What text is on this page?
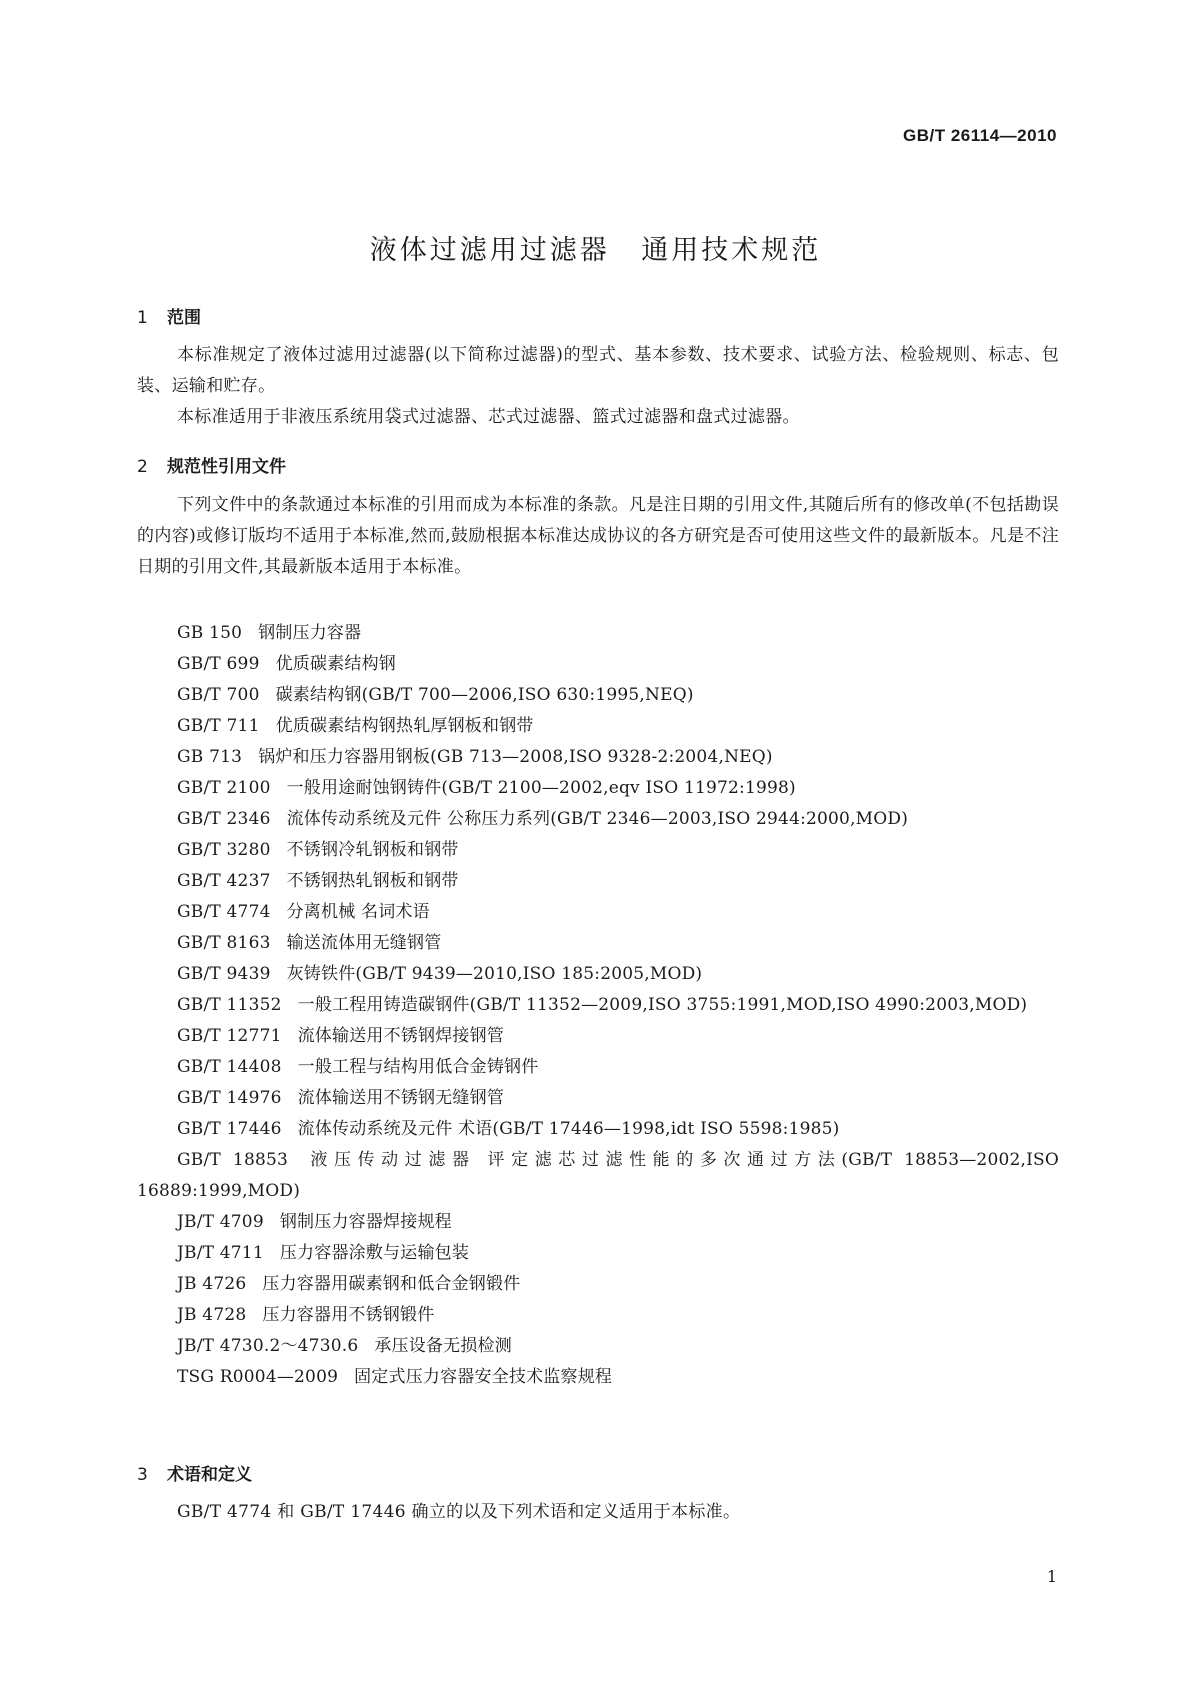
GB/T 26114—2010
液体过滤用过滤器 通用技术规范
1 范围
本标准规定了液体过滤用过滤器(以下简称过滤器)的型式、基本参数、技术要求、试验方法、检验规则、标志、包装、运输和贮存。
本标准适用于非液压系统用袋式过滤器、芯式过滤器、篮式过滤器和盘式过滤器。
2 规范性引用文件
下列文件中的条款通过本标准的引用而成为本标准的条款。凡是注日期的引用文件,其随后所有的修改单(不包括勘误的内容)或修订版均不适用于本标准,然而,鼓励根据本标准达成协议的各方研究是否可使用这些文件的最新版本。凡是不注日期的引用文件,其最新版本适用于本标准。
GB 150 钢制压力容器
GB/T 699 优质碳素结构钢
GB/T 700 碳素结构钢(GB/T 700—2006,ISO 630:1995,NEQ)
GB/T 711 优质碳素结构钢热轧厚钢板和钢带
GB 713 锅炉和压力容器用钢板(GB 713—2008,ISO 9328-2:2004,NEQ)
GB/T 2100 一般用途耐蚀钢铸件(GB/T 2100—2002,eqv ISO 11972:1998)
GB/T 2346 流体传动系统及元件 公称压力系列(GB/T 2346—2003,ISO 2944:2000,MOD)
GB/T 3280 不锈钢冷轧钢板和钢带
GB/T 4237 不锈钢热轧钢板和钢带
GB/T 4774 分离机械 名词术语
GB/T 8163 输送流体用无缝钢管
GB/T 9439 灰铸铁件(GB/T 9439—2010,ISO 185:2005,MOD)
GB/T 11352 一般工程用铸造碳钢件(GB/T 11352—2009,ISO 3755:1991,MOD,ISO 4990:2003,MOD)
GB/T 12771 流体输送用不锈钢焊接钢管
GB/T 14408 一般工程与结构用低合金铸钢件
GB/T 14976 流体输送用不锈钢无缝钢管
GB/T 17446 流体传动系统及元件 术语(GB/T 17446—1998,idt ISO 5598:1985)
GB/T 18853 液压传动过滤器 评定滤芯过滤性能的多次通过方法(GB/T 18853—2002,ISO 16889:1999,MOD)
JB/T 4709 钢制压力容器焊接规程
JB/T 4711 压力容器涂敷与运输包装
JB 4726 压力容器用碳素钢和低合金钢锻件
JB 4728 压力容器用不锈钢锻件
JB/T 4730.2～4730.6 承压设备无损检测
TSG R0004—2009 固定式压力容器安全技术监察规程
3 术语和定义
GB/T 4774 和 GB/T 17446 确立的以及下列术语和定义适用于本标准。
1
